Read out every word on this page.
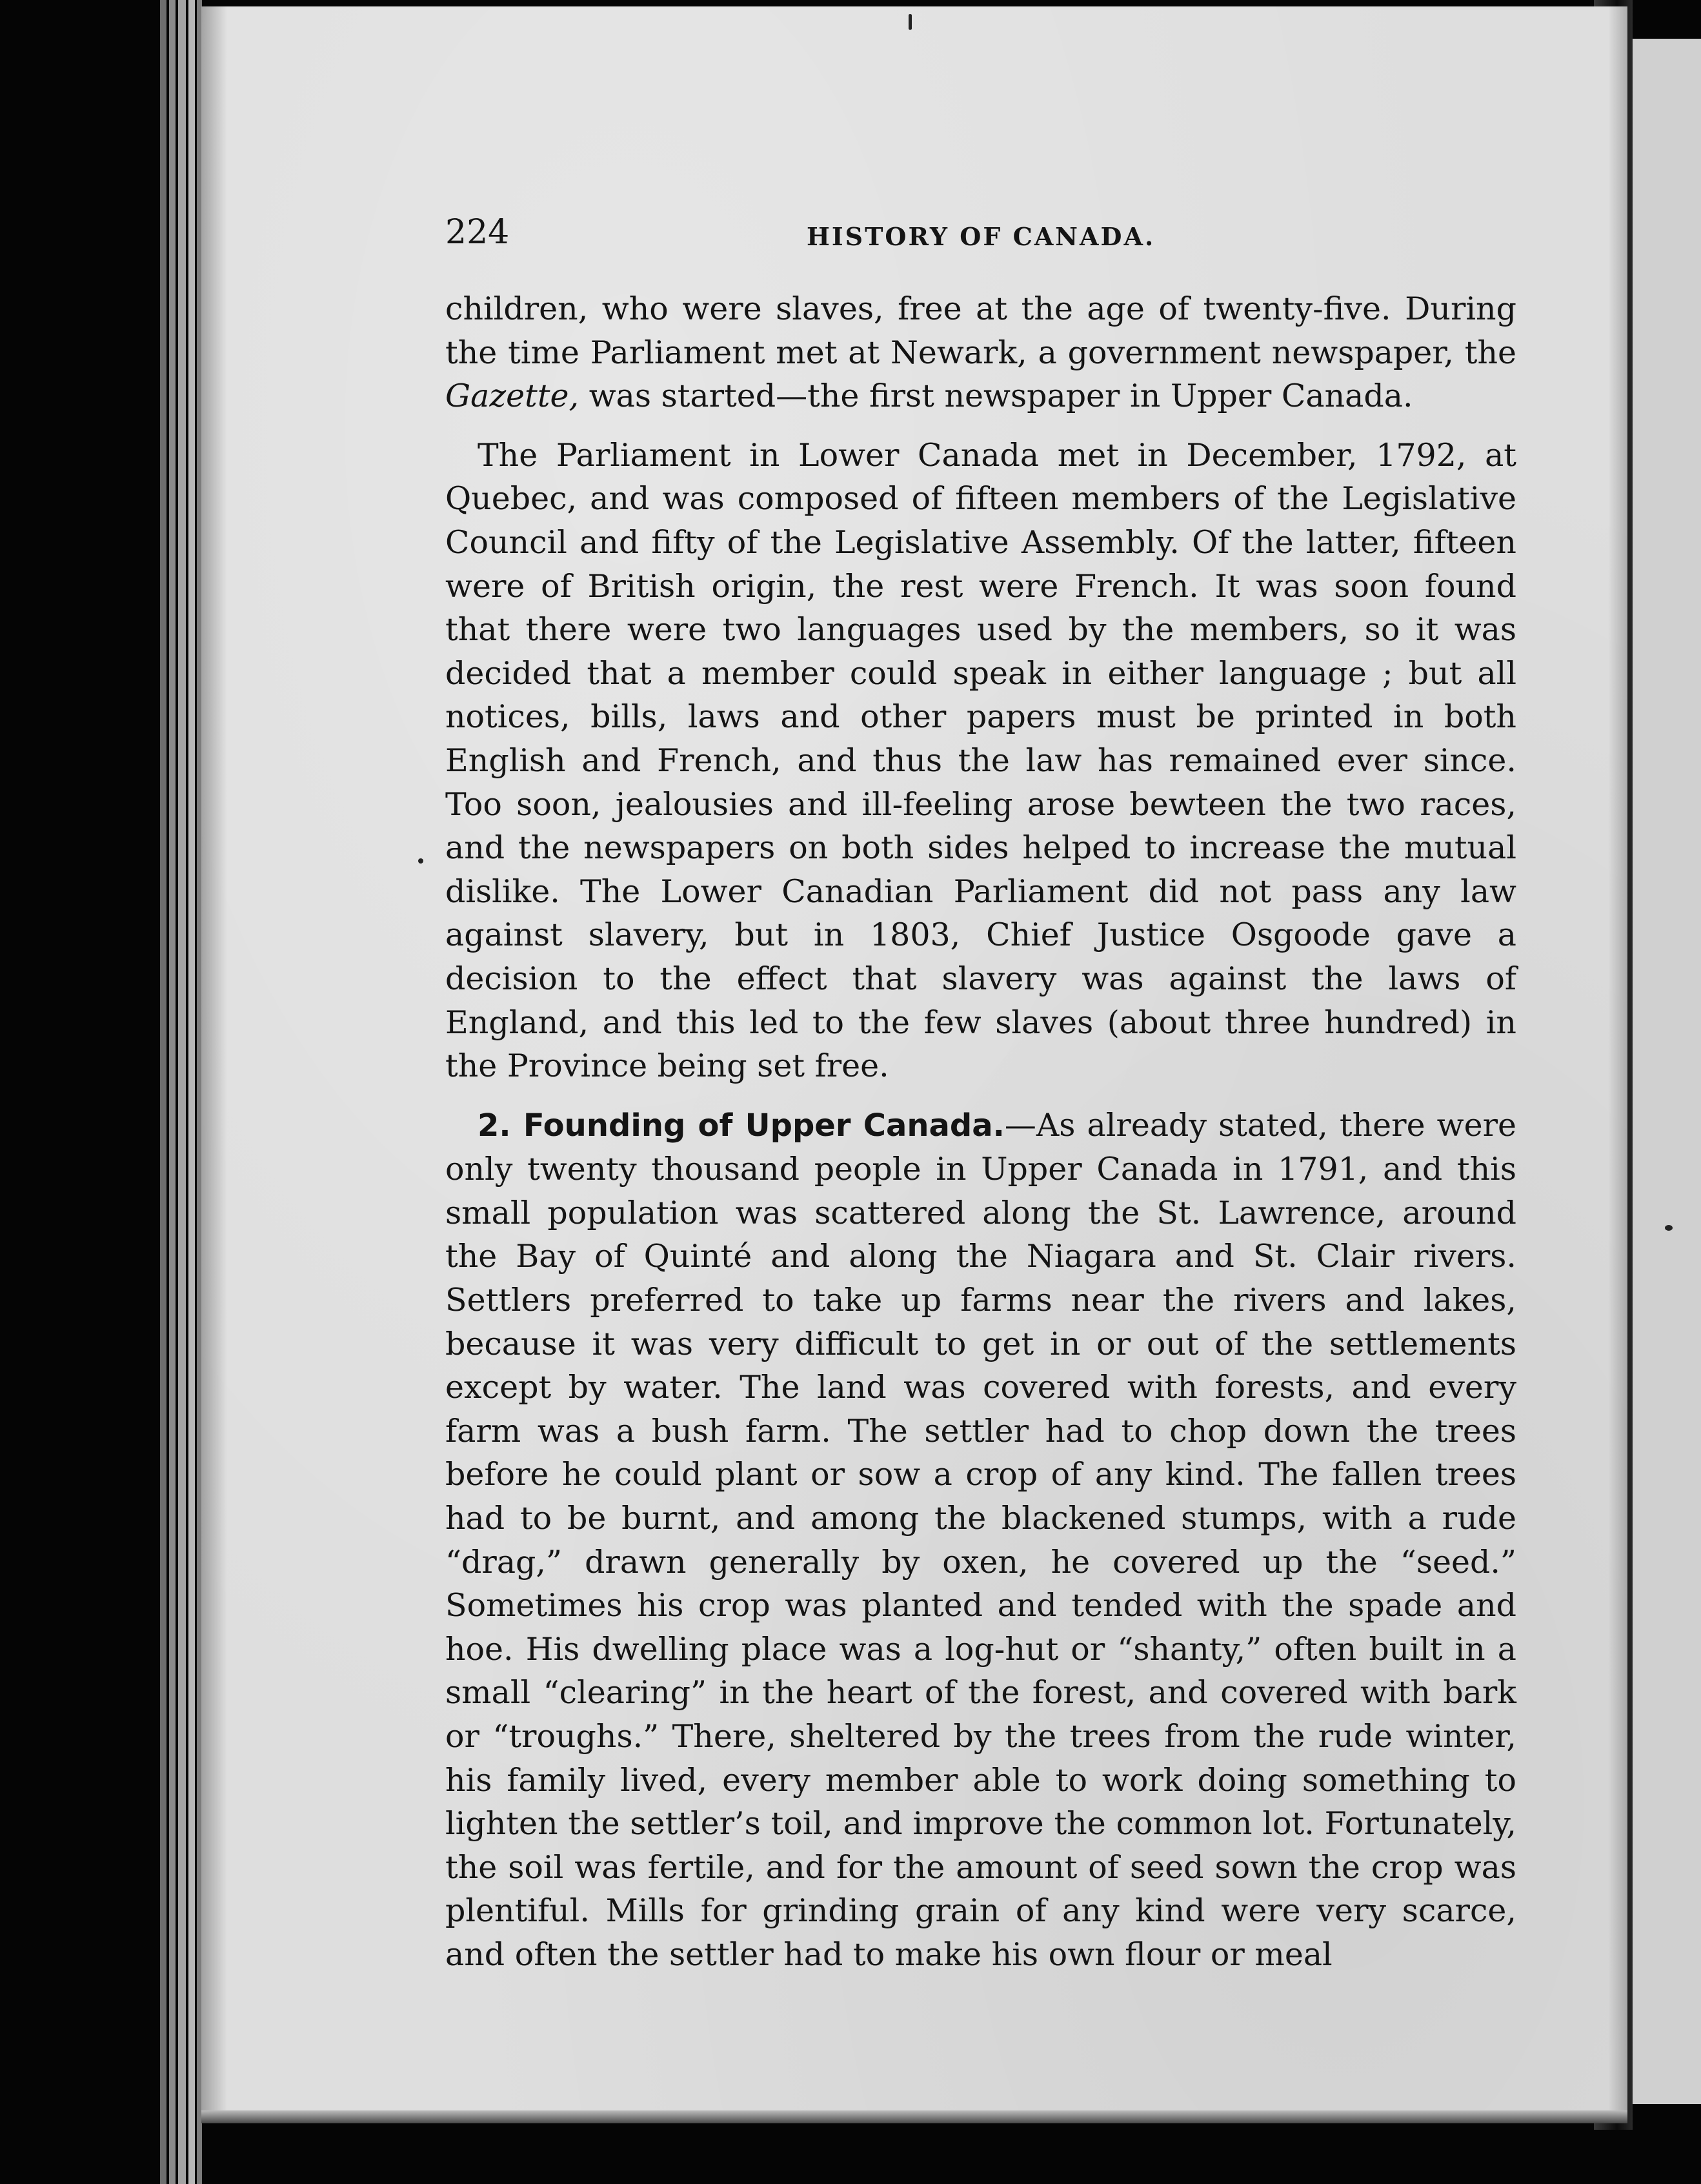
224	HISTORY OF CANADA.

children, who were slaves, free at the age of twenty-five. During the time Parliament met at Newark, a government newspaper, the Gazette, was started—the first newspaper in Upper Canada.

The Parliament in Lower Canada met in December, 1792, at Quebec, and was composed of fifteen members of the Legislative Council and fifty of the Legislative Assembly. Of the latter, fifteen were of British origin, the rest were French. It was soon found that there were two languages used by the members, so it was decided that a member could speak in either language ; but all notices, bills, laws and other papers must be printed in both English and French, and thus the law has remained ever since. Too soon, jealousies and ill-feeling arose bewteen the two races, and the newspapers on both sides helped to increase the mutual dislike. The Lower Canadian Parliament did not pass any law against slavery, but in 1803, Chief Justice Osgoode gave a decision to the effect that slavery was against the laws of England, and this led to the few slaves (about three hundred) in the Province being set free.

2. Founding of Upper Canada.—As already stated, there were only twenty thousand people in Upper Canada in 1791, and this small population was scattered along the St. Lawrence, around the Bay of Quinté and along the Niagara and St. Clair rivers. Settlers preferred to take up farms near the rivers and lakes, because it was very difficult to get in or out of the settlements except by water. The land was covered with forests, and every farm was a bush farm. The settler had to chop down the trees before he could plant or sow a crop of any kind. The fallen trees had to be burnt, and among the blackened stumps, with a rude “drag,” drawn generally by oxen, he covered up the “seed.” Sometimes his crop was planted and tended with the spade and hoe. His dwelling place was a log-hut or “shanty,” often built in a small “clearing” in the heart of the forest, and covered with bark or “troughs.” There, sheltered by the trees from the rude winter, his family lived, every member able to work doing something to lighten the settler’s toil, and improve the common lot. Fortunately, the soil was fertile, and for the amount of seed sown the crop was plentiful. Mills for grinding grain of any kind were very scarce, and often the settler had to make his own flour or meal
